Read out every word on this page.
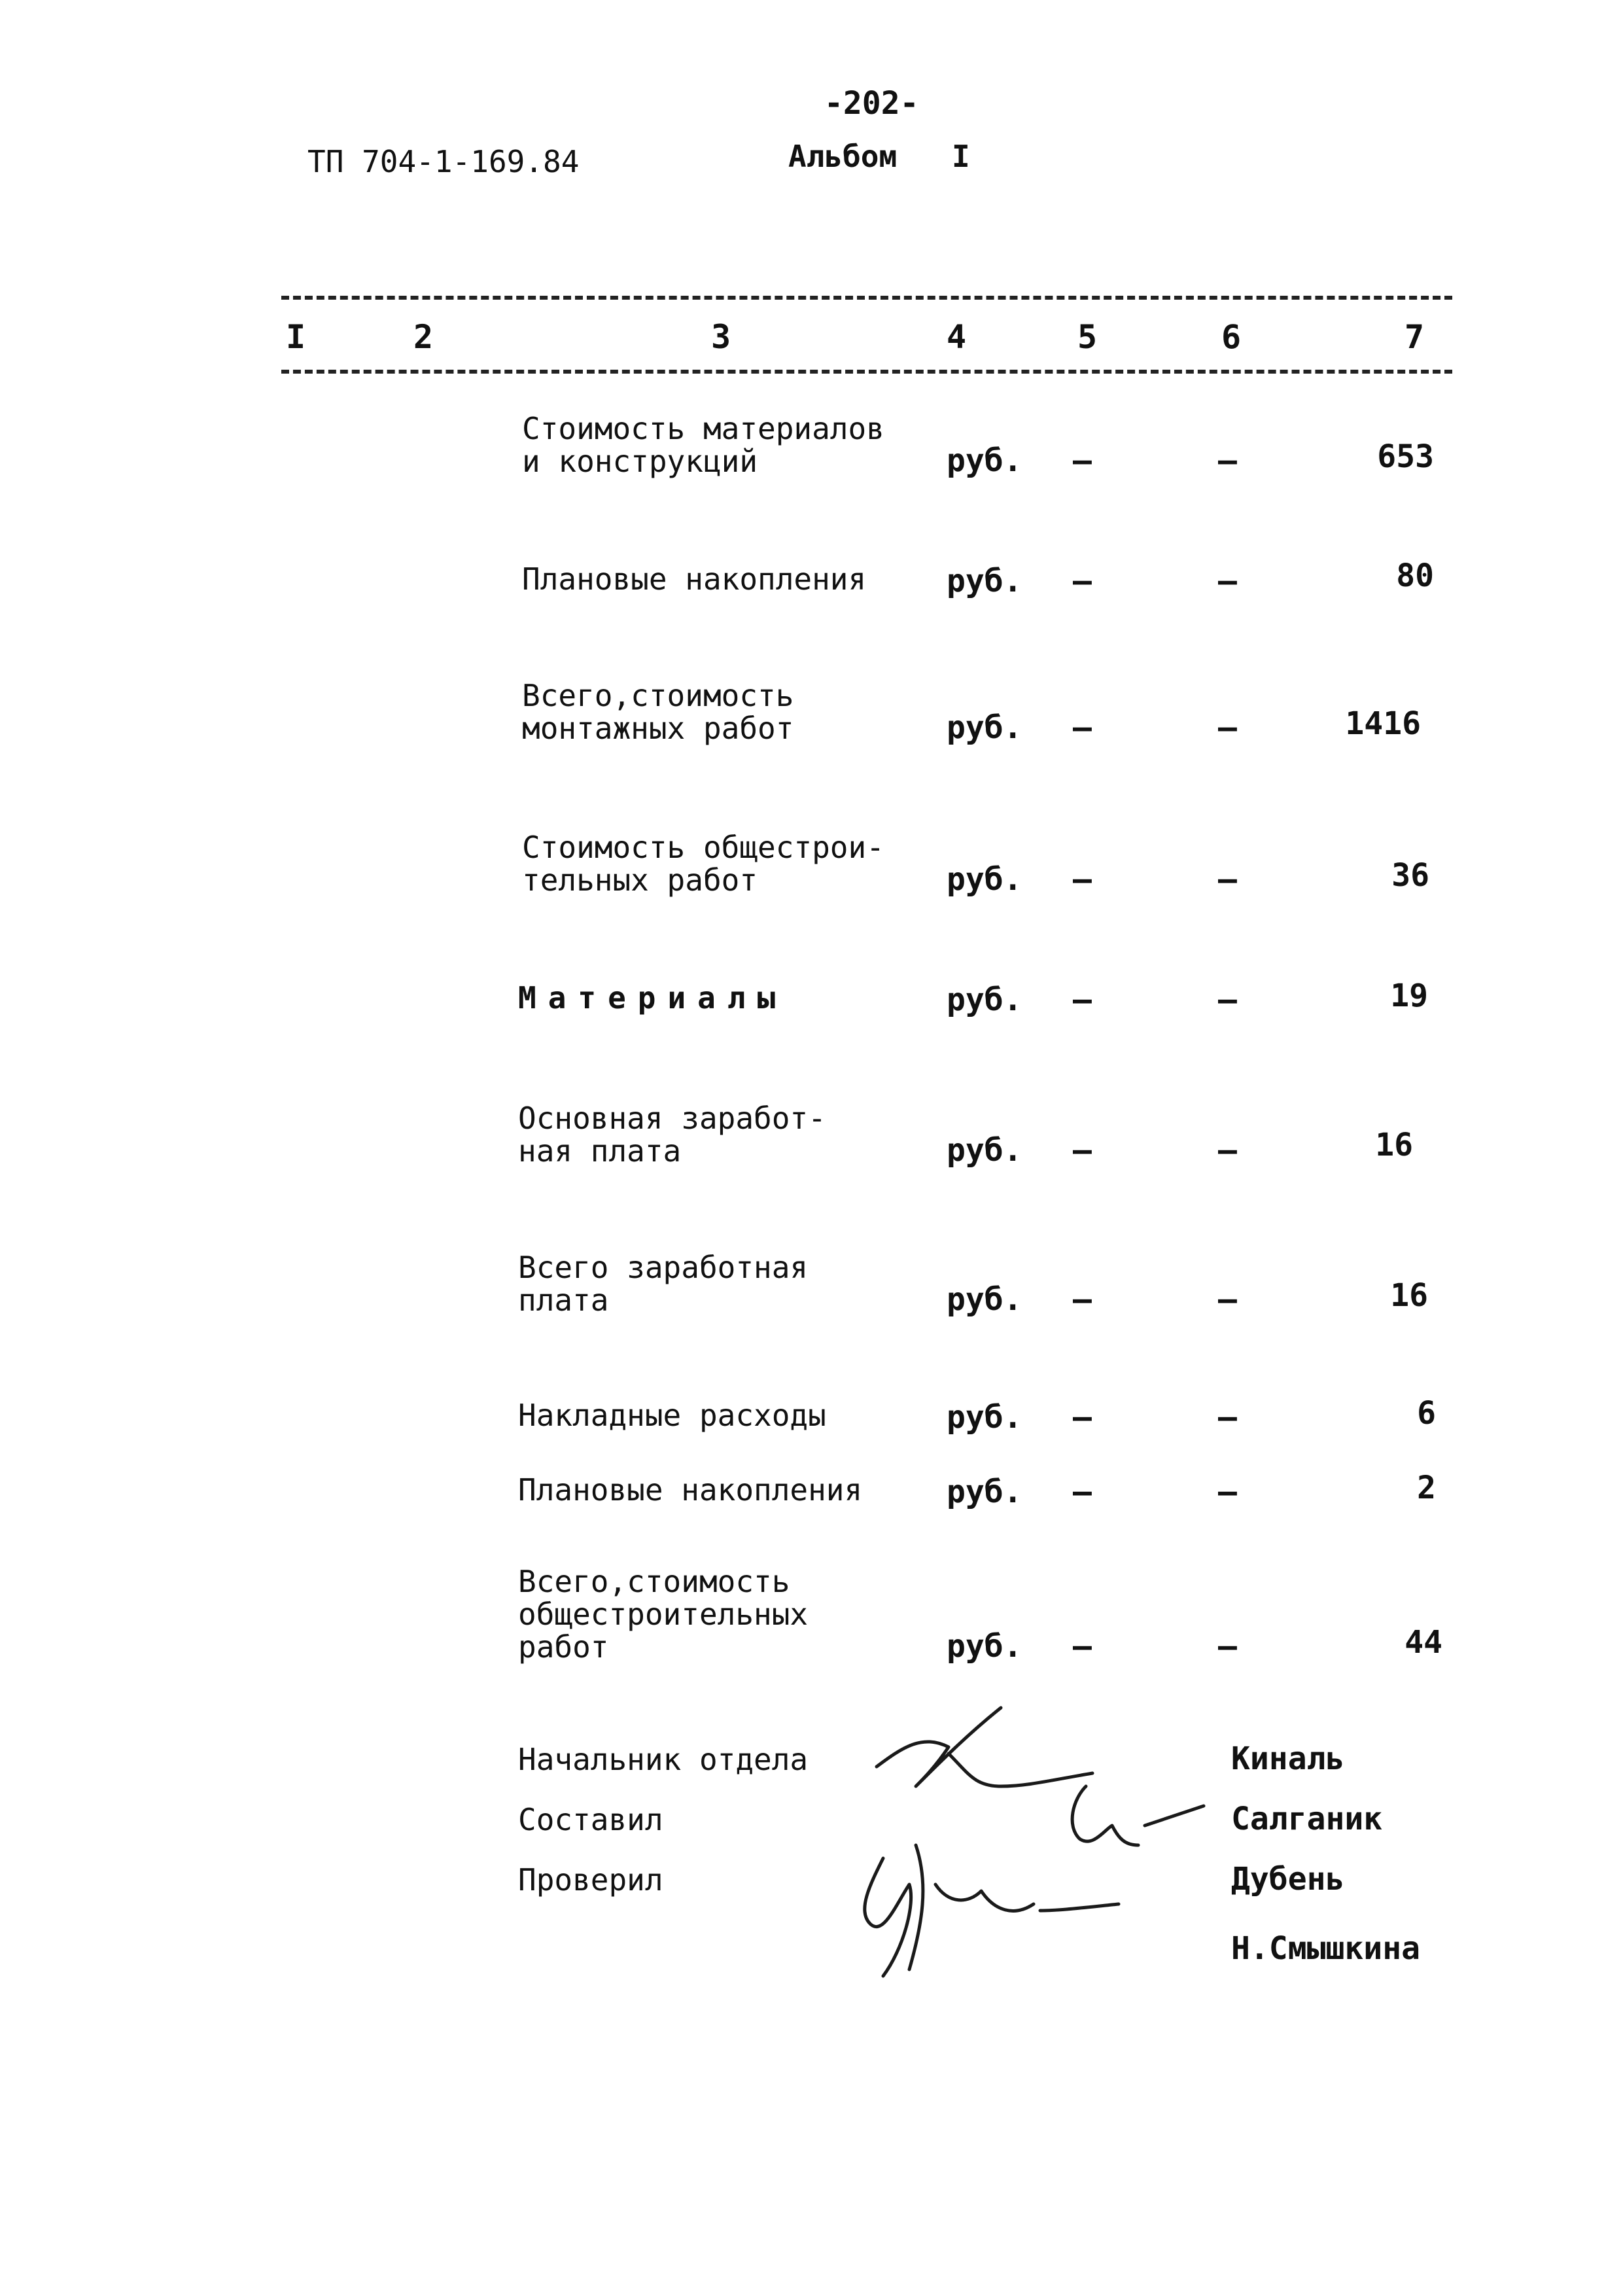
-202-
ТП 704-1-169.84	Альбом I
I	2	3	4	5	6	7
Стоимость материалов
и конструкций	руб. –	–	653
Плановые накопления	руб. –	–	80
Всего,стоимость
монтажных работ	руб. –	–	1416
Стоимость общестрои-
тельных работ	руб. –	–	36
Материалы	руб. –	–	19
Основная заработ-
ная плата	руб. –	–	16
Всего заработная
плата	руб. –	–	16
Накладные расходы	руб. –	–	6
Плановые накопления	руб. –	–	2
Всего,стоимость
общестроительных
работ	руб. –	–	44
Начальник отдела
Составил
Проверил
Киналь
Салганик
Дубень
Н.Смышкина
